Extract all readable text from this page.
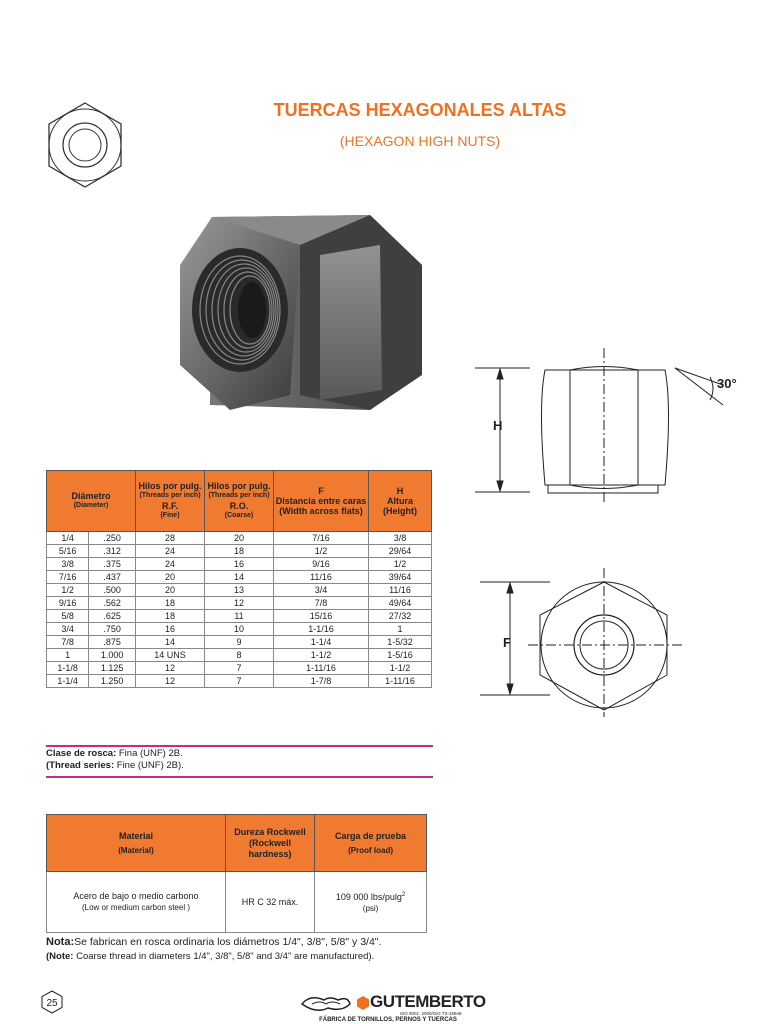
TUERCAS HEXAGONALES ALTAS
(HEXAGON HIGH NUTS)
H
30°
F
Diámetro
(Diameter)		Hilos por pulg.
(Threads per inch)
R.F.
(Fine)	Hilos por pulg.
(Threads per inch)
R.O.
(Coarse)	F
Distancia entre caras
(Width across flats)	H
Altura
(Height)
1/4	.250	28	20	7/16	3/8
5/16	.312	24	18	1/2	29/64
3/8	.375	24	16	9/16	1/2
7/16	.437	20	14	11/16	39/64
1/2	.500	20	13	3/4	11/16
9/16	.562	18	12	7/8	49/64
5/8	.625	18	11	15/16	27/32
3/4	.750	16	10	1-1/16	1
7/8	.875	14	9	1-1/4	1-5/32
1	1.000	14 UNS	8	1-1/2	1-5/16
1-1/8	1.125	12	7	1-11/16	1-1/2
1-1/4	1.250	12	7	1-7/8	1-11/16
Clase de rosca: Fina (UNF) 2B.
(Thread series: Fine (UNF) 2B).
Material
(Material)	Dureza Rockwell
(Rockwell hardness)	Carga de prueba
(Proof load)

Acero de bajo o medio carbono
(Low or medium carbon steel )	HR C 32 máx.	109 000 lbs/pulg$^2$
(psi)
Nota:Se fabrican en rosca ordinaria los diámetros 1/4", 3/8", 5/8" y 3/4".
(Note: Coarse thread in diameters 1/4", 3/8", 5/8" and 3/4" are manufactured).
25	GUTEMBERTO
ISO 9001: 2000/ISO TS-16949
FÁBRICA DE TORNILLOS, PERNOS Y TUERCAS
